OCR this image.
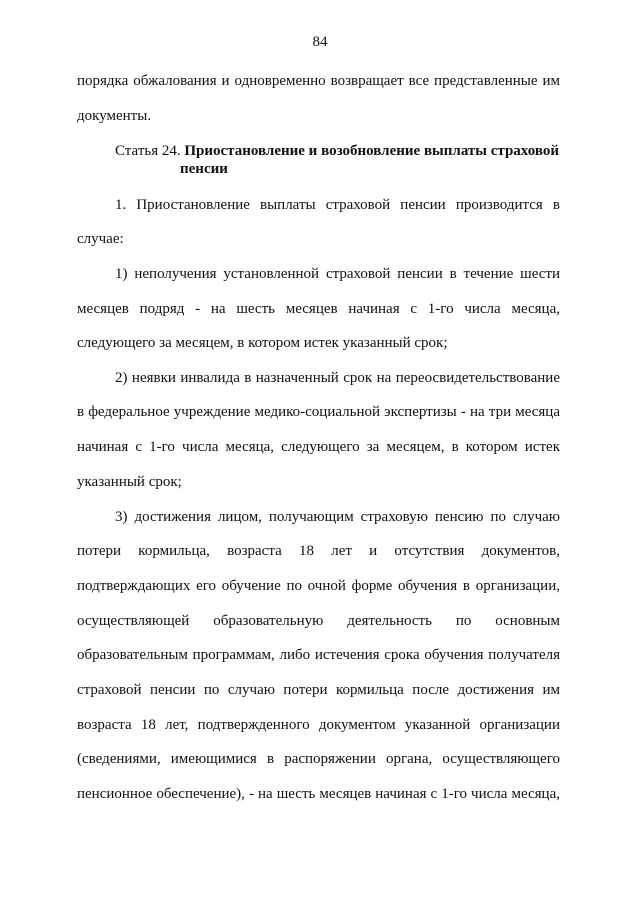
84
порядка обжалования и одновременно возвращает все представленные им
документы.
Статья 24. Приостановление и возобновление выплаты страховой
пенсии
1. Приостановление выплаты страховой пенсии производится в
случае:
1) неполучения установленной страховой пенсии в течение шести
месяцев подряд - на шесть месяцев начиная с 1-го числа месяца,
следующего за месяцем, в котором истек указанный срок;
2) неявки инвалида в назначенный срок на переосвидетельствование
в федеральное учреждение медико-социальной экспертизы - на три месяца
начиная с 1-го числа месяца, следующего за месяцем, в котором истек
указанный срок;
3) достижения лицом, получающим страховую пенсию по случаю
потери кормильца, возраста 18 лет и отсутствия документов,
подтверждающих его обучение по очной форме обучения в организации,
осуществляющей образовательную деятельность по основным
образовательным программам, либо истечения срока обучения получателя
страховой пенсии по случаю потери кормильца после достижения им
возраста 18 лет, подтвержденного документом указанной организации
(сведениями, имеющимися в распоряжении органа, осуществляющего
пенсионное обеспечение), - на шесть месяцев начиная с 1-го числа месяца,
